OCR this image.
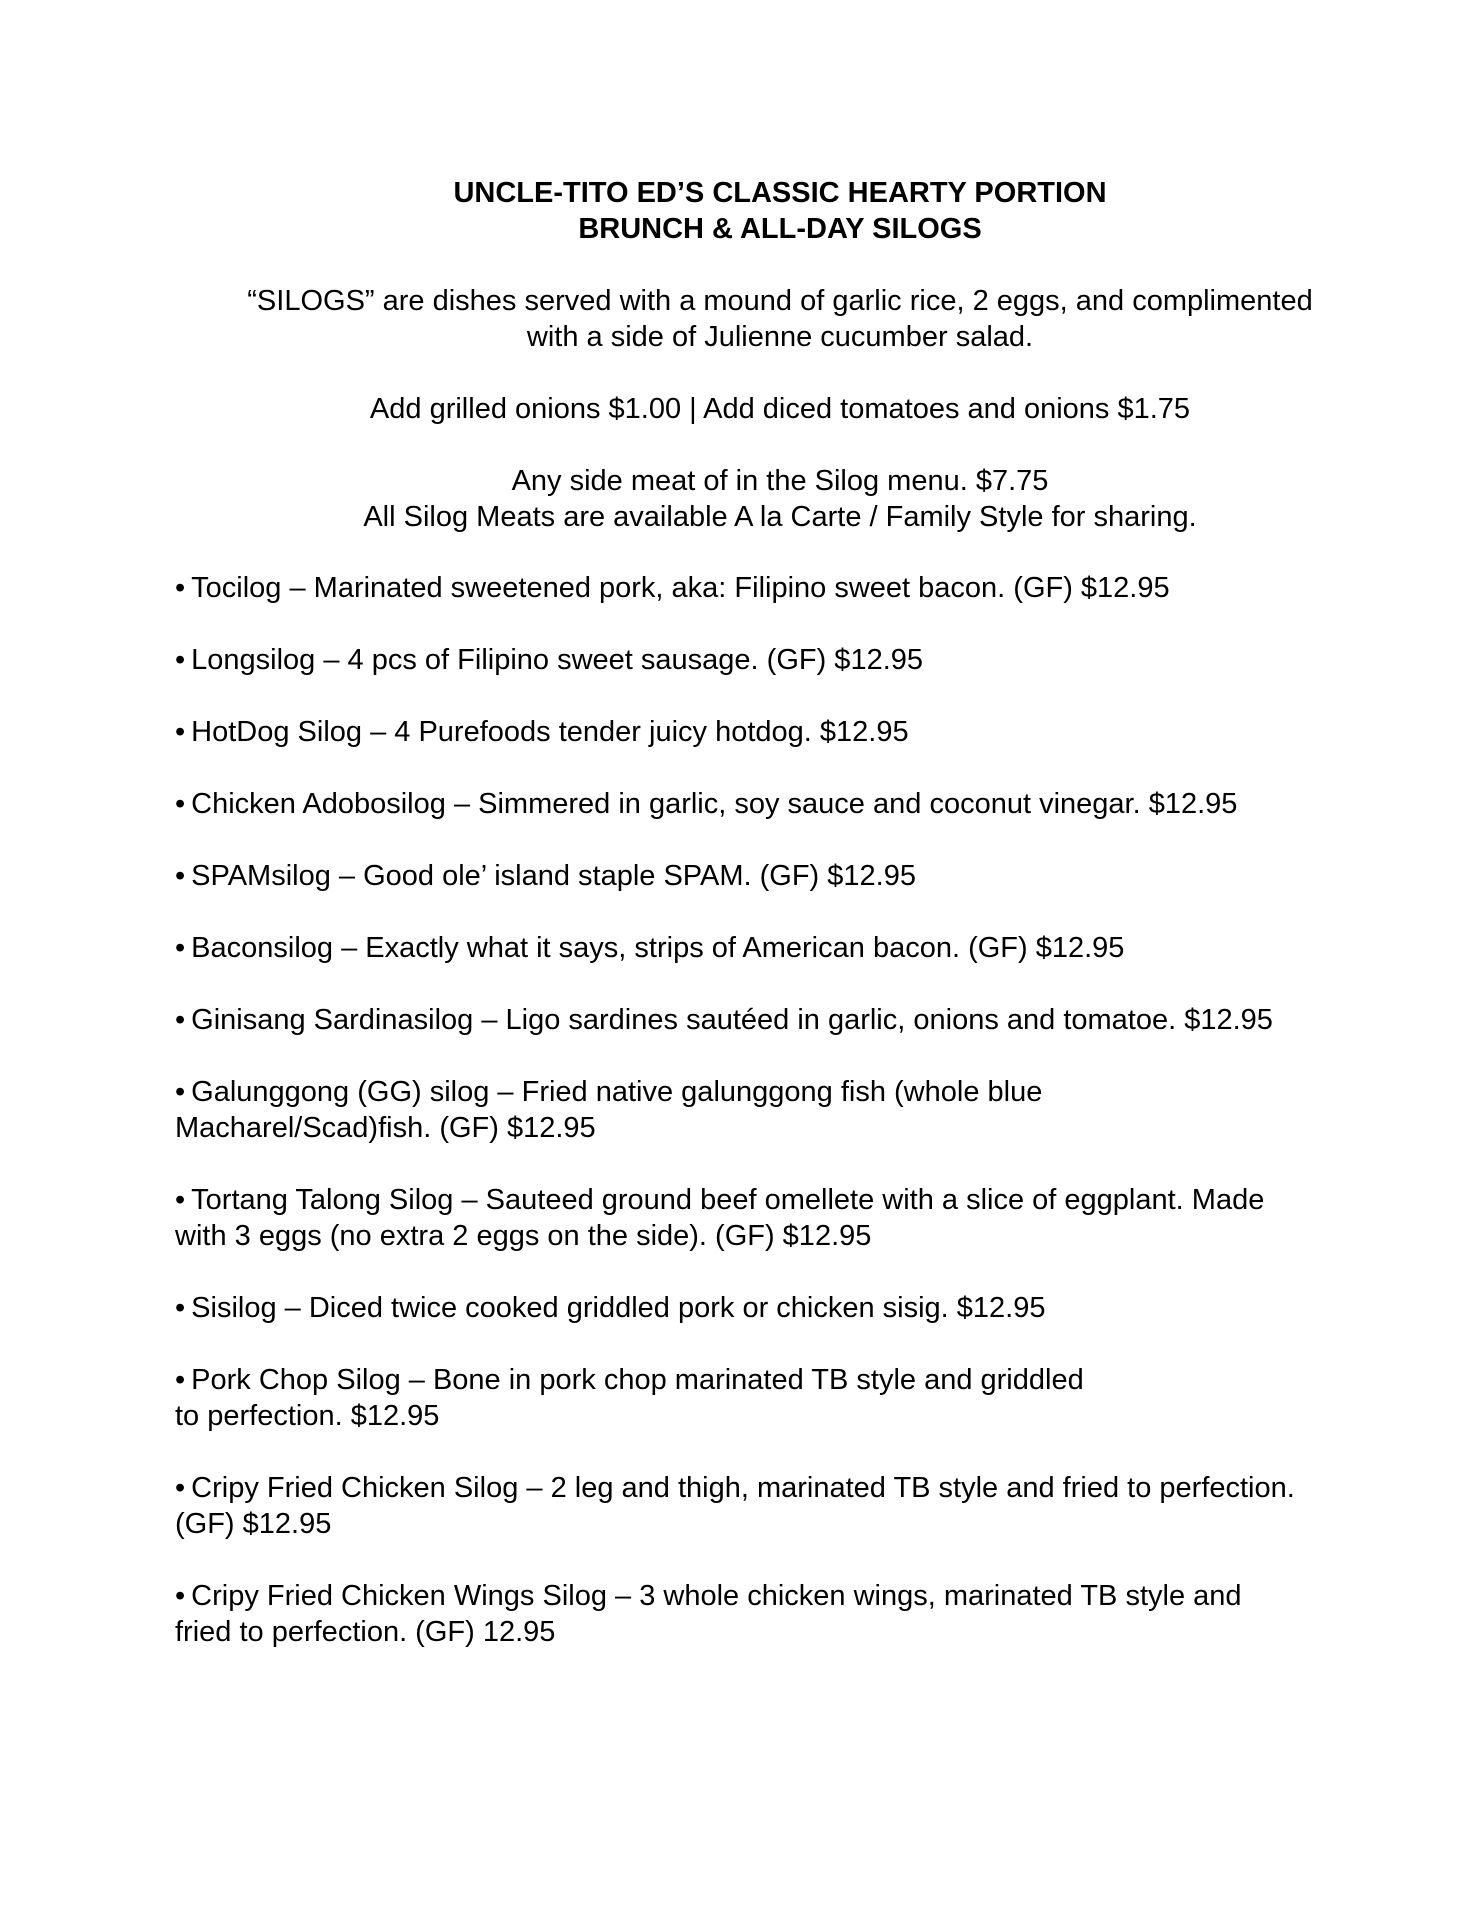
UNCLE-TITO ED’S CLASSIC HEARTY PORTION
BRUNCH & ALL-DAY SILOGS
“SILOGS” are dishes served with a mound of garlic rice, 2 eggs, and complimented
with a side of Julienne cucumber salad.
Add grilled onions $1.00 | Add diced tomatoes and onions $1.75
Any side meat of in the Silog menu. $7.75
All Silog Meats are available A la Carte / Family Style for sharing.
• Tocilog – Marinated sweetened pork, aka: Filipino sweet bacon. (GF) $12.95
• Longsilog – 4 pcs of Filipino sweet sausage. (GF) $12.95
• HotDog Silog – 4 Purefoods tender juicy hotdog. $12.95
• Chicken Adobosilog – Simmered in garlic, soy sauce and coconut vinegar. $12.95
• SPAMsilog – Good ole’ island staple SPAM. (GF) $12.95
• Baconsilog – Exactly what it says, strips of American bacon. (GF) $12.95
• Ginisang Sardinasilog – Ligo sardines sautéed in garlic, onions and tomatoe. $12.95
• Galunggong (GG) silog – Fried native galunggong fish (whole blue
Macharel/Scad)fish. (GF) $12.95
• Tortang Talong Silog – Sauteed ground beef omellete with a slice of eggplant. Made
with 3 eggs (no extra 2 eggs on the side). (GF) $12.95
• Sisilog – Diced twice cooked griddled pork or chicken sisig. $12.95
• Pork Chop Silog – Bone in pork chop marinated TB style and griddled
to perfection. $12.95
• Cripy Fried Chicken Silog – 2 leg and thigh, marinated TB style and fried to perfection.
(GF) $12.95
• Cripy Fried Chicken Wings Silog – 3 whole chicken wings, marinated TB style and
fried to perfection. (GF) 12.95
